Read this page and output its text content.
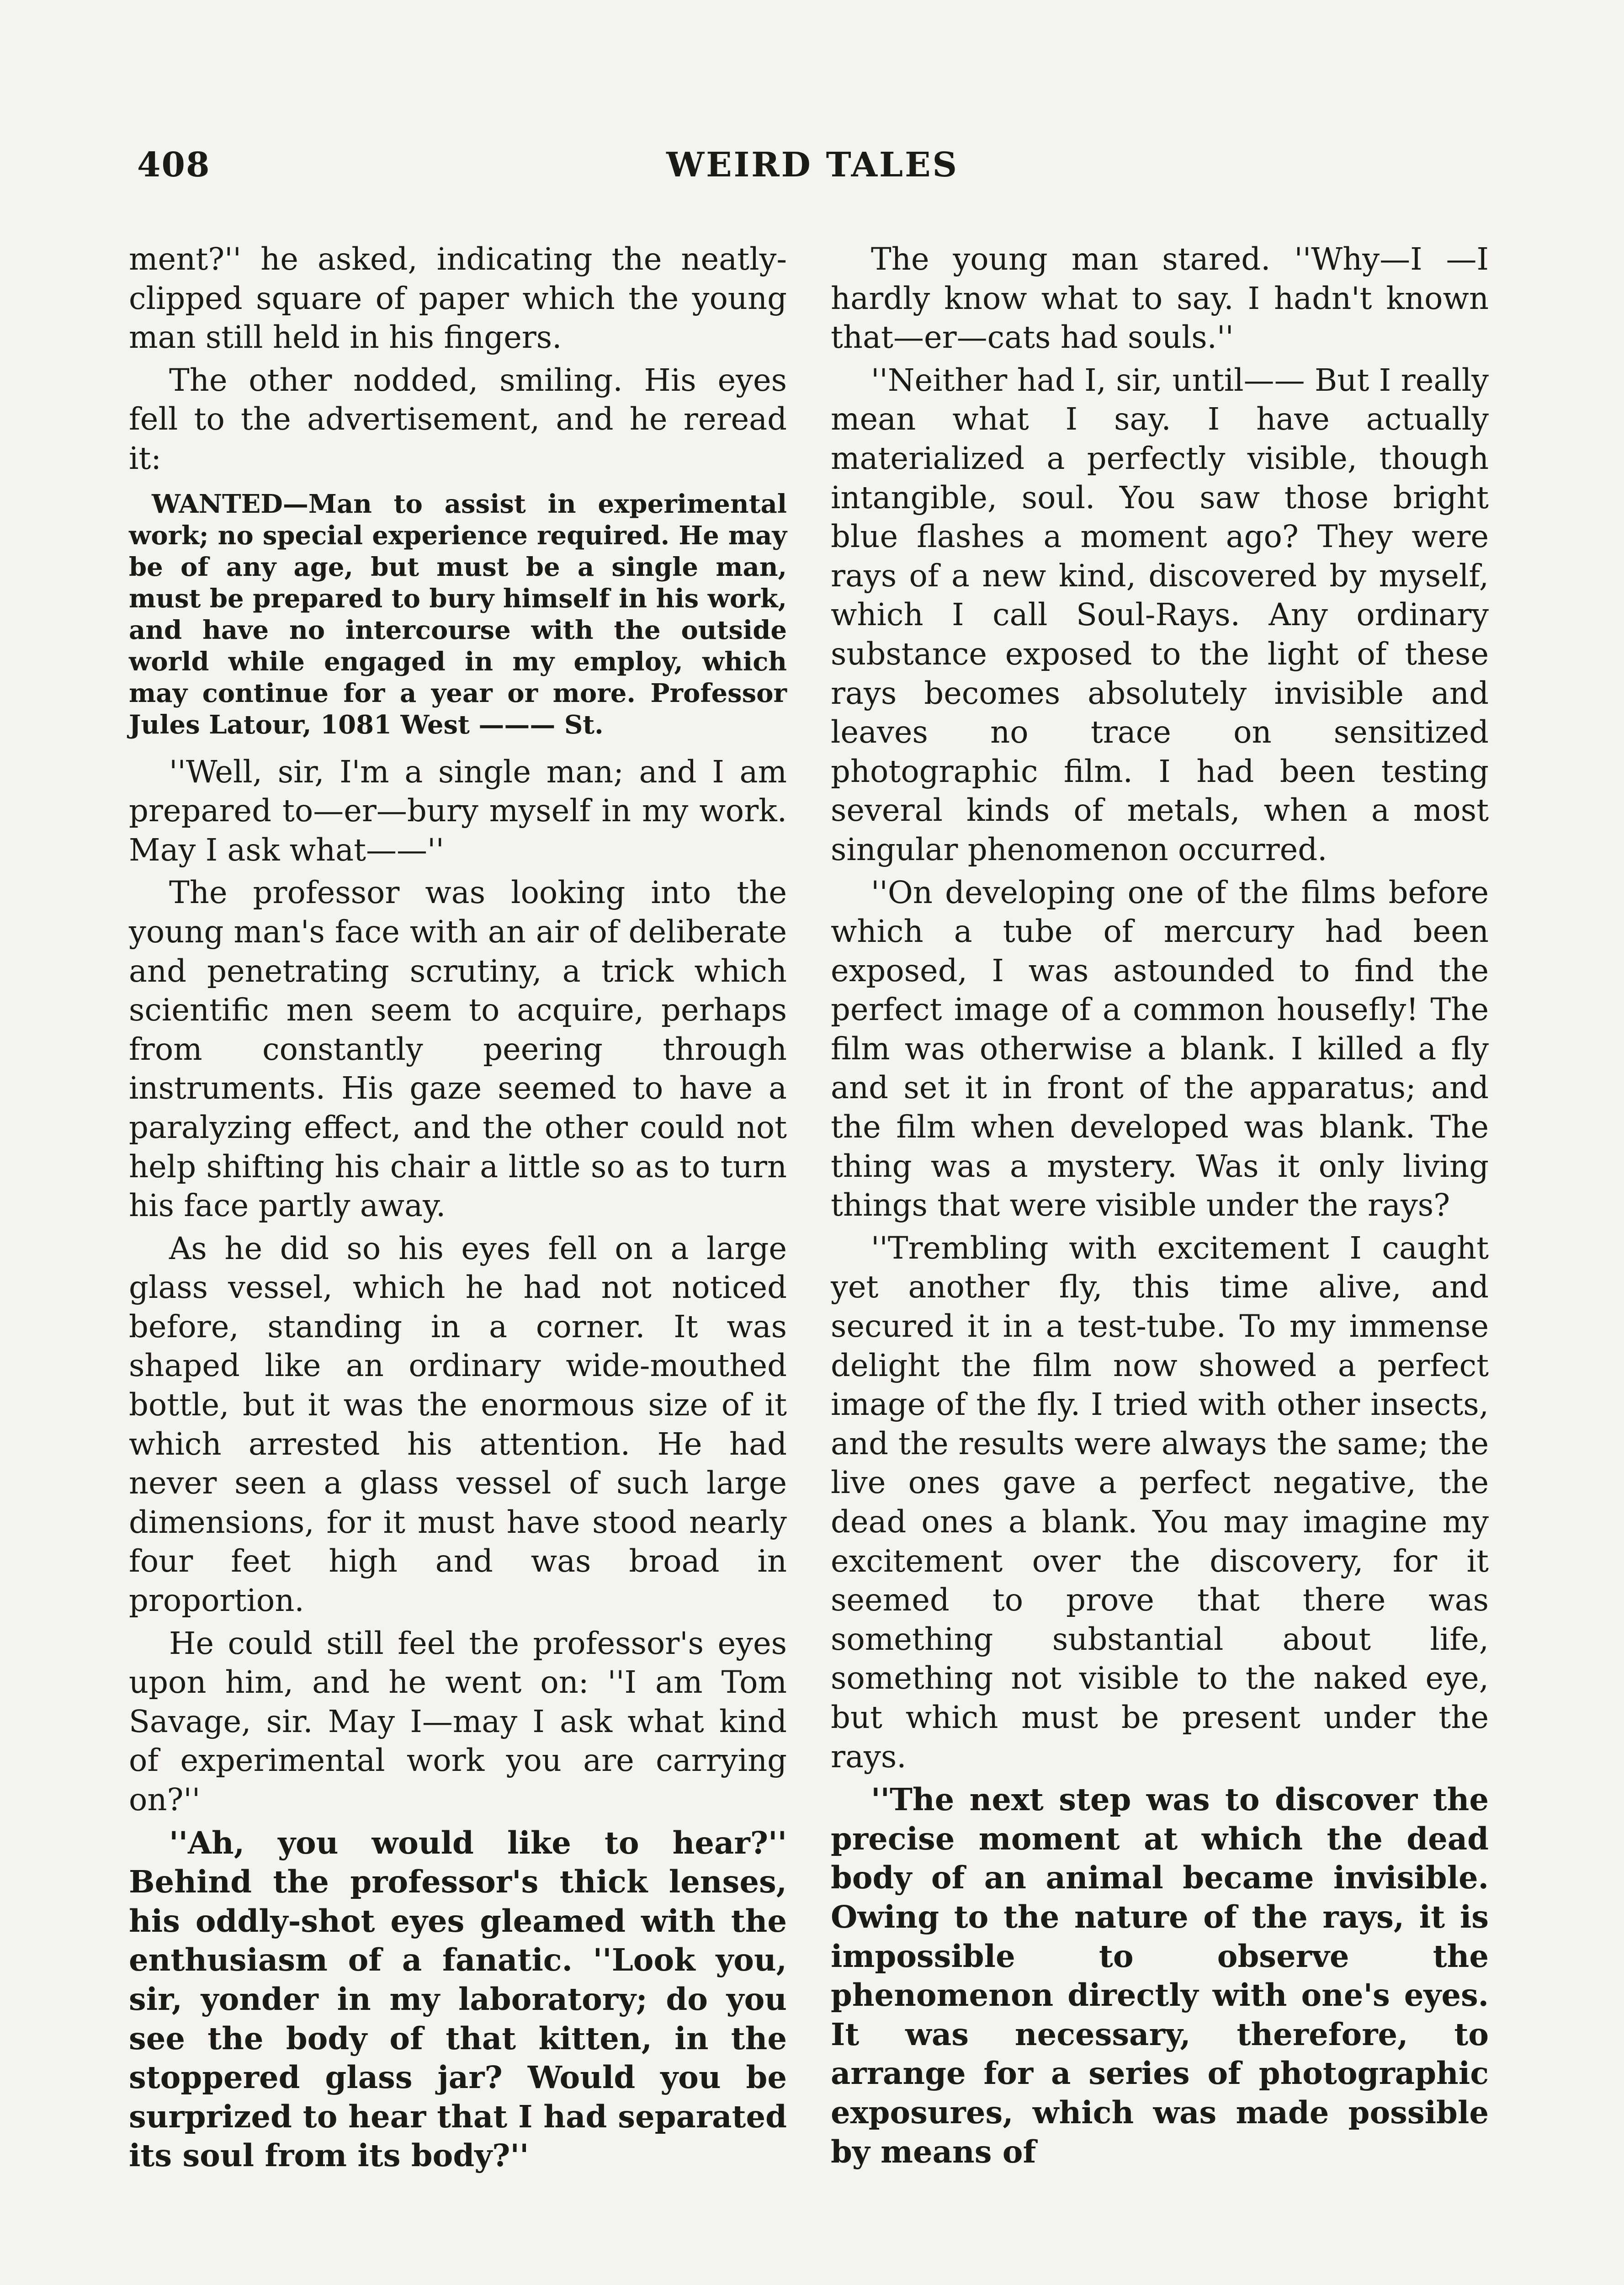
408	WEIRD TALES

ment?'' he asked, indicating the neatly-clipped square of paper which the young man still held in his fingers.

The other nodded, smiling. His eyes fell to the advertisement, and he reread it:

WANTED—Man to assist in experimental work; no special experience required. He may be of any age, but must be a single man, must be prepared to bury himself in his work, and have no intercourse with the outside world while engaged in my employ, which may continue for a year or more. Professor Jules Latour, 1081 West ——— St.

''Well, sir, I'm a single man; and I am prepared to—er—bury myself in my work. May I ask what——''

The professor was looking into the young man's face with an air of deliberate and penetrating scrutiny, a trick which scientific men seem to acquire, perhaps from constantly peering through instruments. His gaze seemed to have a paralyzing effect, and the other could not help shifting his chair a little so as to turn his face partly away.

As he did so his eyes fell on a large glass vessel, which he had not noticed before, standing in a corner. It was shaped like an ordinary wide-mouthed bottle, but it was the enormous size of it which arrested his attention. He had never seen a glass vessel of such large dimensions, for it must have stood nearly four feet high and was broad in proportion.

He could still feel the professor's eyes upon him, and he went on: ''I am Tom Savage, sir. May I—may I ask what kind of experimental work you are carrying on?''

''Ah, you would like to hear?'' Behind the professor's thick lenses, his oddly-shot eyes gleamed with the enthusiasm of a fanatic. ''Look you, sir, yonder in my laboratory; do you see the body of that kitten, in the stoppered glass jar? Would you be surprized to hear that I had separated its soul from its body?''

The young man stared. ''Why—I —I hardly know what to say. I hadn't known that—er—cats had souls.''

''Neither had I, sir, until—— But I really mean what I say. I have actually materialized a perfectly visible, though intangible, soul. You saw those bright blue flashes a moment ago? They were rays of a new kind, discovered by myself, which I call Soul-Rays. Any ordinary substance exposed to the light of these rays becomes absolutely invisible and leaves no trace on sensitized photographic film. I had been testing several kinds of metals, when a most singular phenomenon occurred.

''On developing one of the films before which a tube of mercury had been exposed, I was astounded to find the perfect image of a common housefly! The film was otherwise a blank. I killed a fly and set it in front of the apparatus; and the film when developed was blank. The thing was a mystery. Was it only living things that were visible under the rays?

''Trembling with excitement I caught yet another fly, this time alive, and secured it in a test-tube. To my immense delight the film now showed a perfect image of the fly. I tried with other insects, and the results were always the same; the live ones gave a perfect negative, the dead ones a blank. You may imagine my excitement over the discovery, for it seemed to prove that there was something substantial about life, something not visible to the naked eye, but which must be present under the rays.

''The next step was to discover the precise moment at which the dead body of an animal became invisible. Owing to the nature of the rays, it is impossible to observe the phenomenon directly with one's eyes. It was necessary, therefore, to arrange for a series of photographic exposures, which was made possible by means of
